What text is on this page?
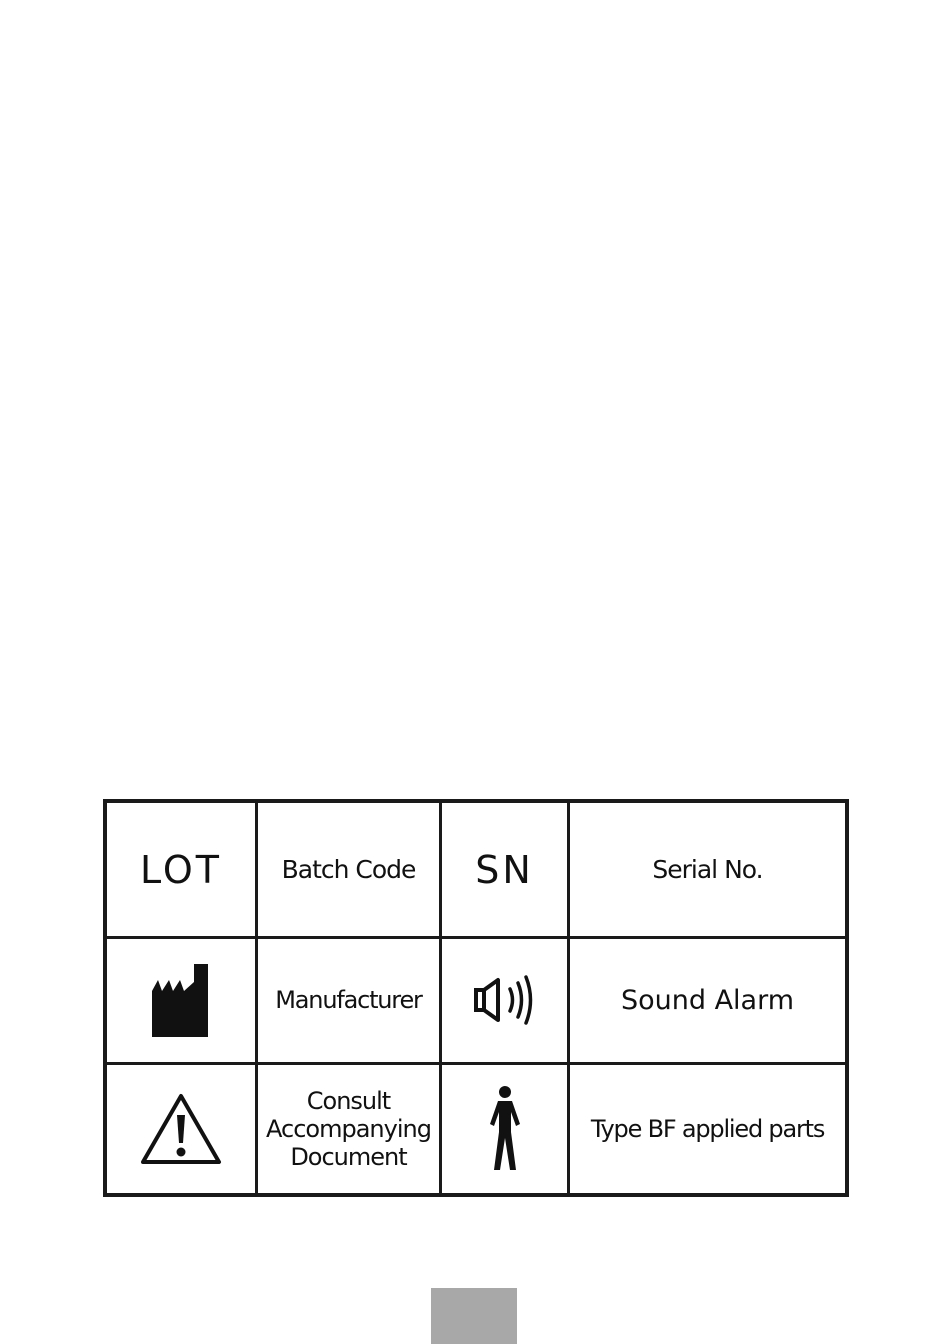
LOT Batch Code SN	Serial No.
Manufacturer	Sound Alarm
Consult
Accompanying
Document
Type BF applied parts
